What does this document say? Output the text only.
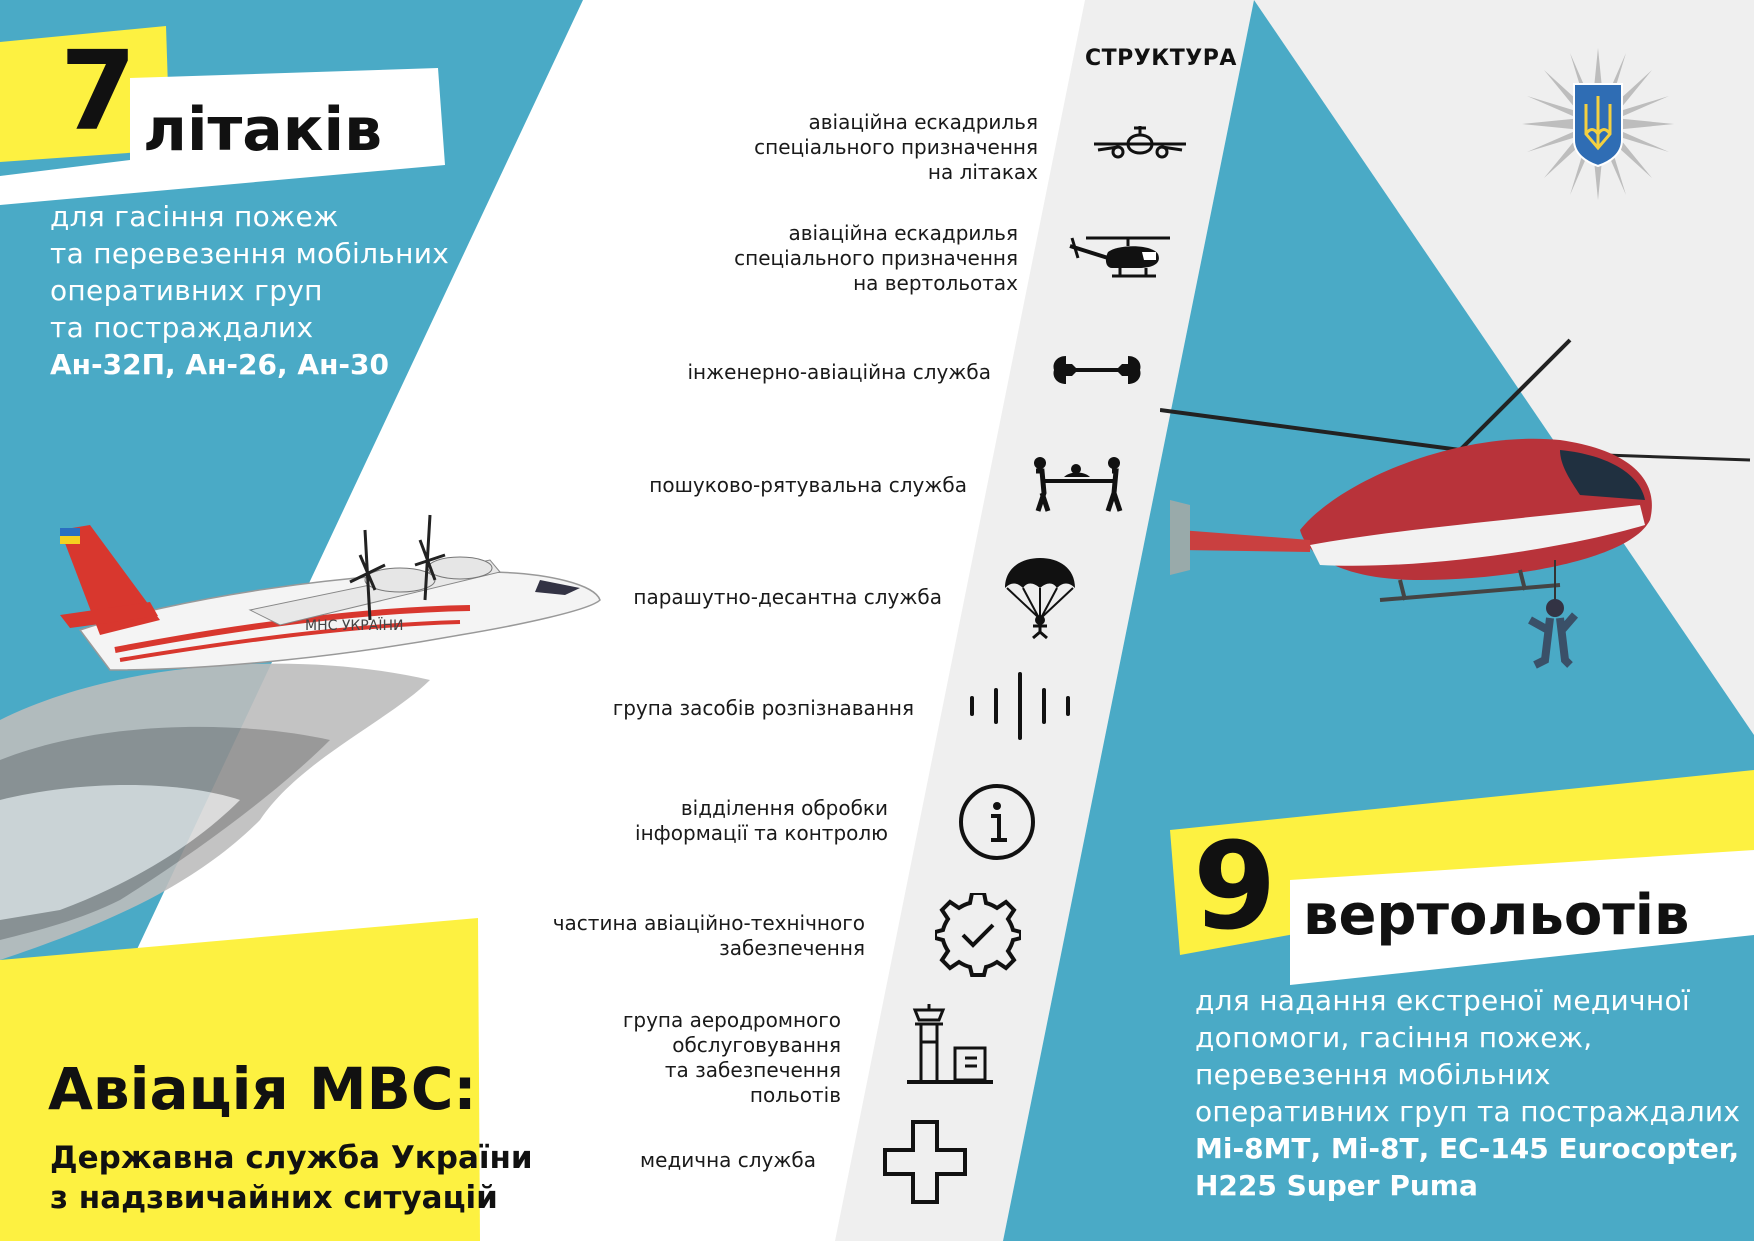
МНС УКРАЇНИ
7 літаків
для гасіння пожеж
та перевезення мобільних
оперативних груп
та постраждалих
Ан-32П, Ан-26, Ан-30
9 вертольотів
для надання екстреної медичної
допомоги, гасіння пожеж,
перевезення мобільних
оперативних груп та постраждалих
Мі-8МТ, Мі-8Т, ЕС-145 Eurocopter,
H225 Super Puma
Авіація МВС:
Державна служба України
з надзвичайних ситуацій
СТРУКТУРА
авіаційна ескадрилья
спеціального призначення
на літаках
авіаційна ескадрилья
спеціального призначення
на вертольотах
інженерно-авіаційна служба
пошуково-рятувальна служба
парашутно-десантна служба
група засобів розпізнавання
відділення обробки
інформації та контролю
частина авіаційно-технічного
забезпечення
група аеродромного
обслуговування
та забезпечення
польотів
медична служба
